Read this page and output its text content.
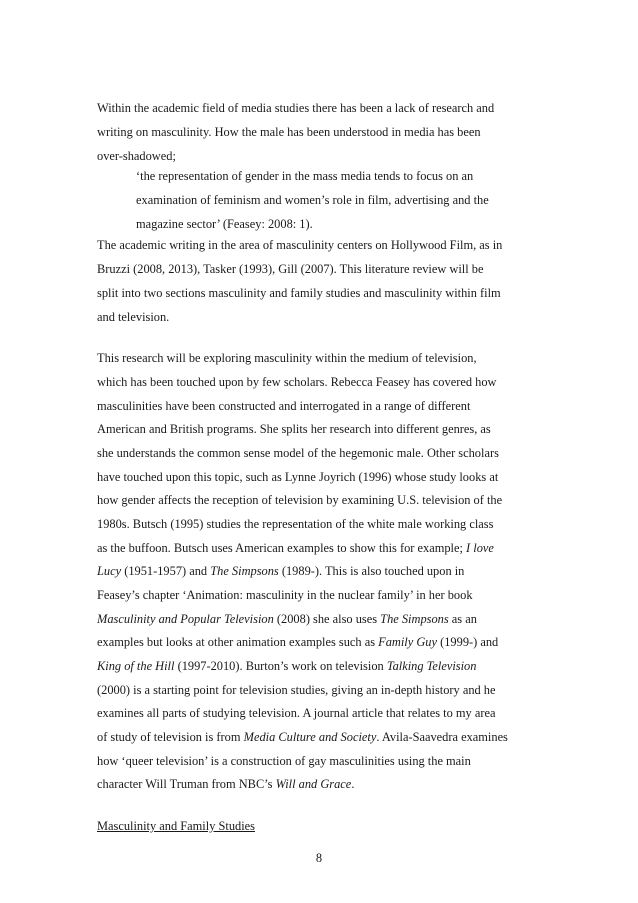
Within the academic field of media studies there has been a lack of research and
writing on masculinity. How the male has been understood in media has been
over-shadowed;
‘the representation of gender in the mass media tends to focus on an
examination of feminism and women’s role in film, advertising and the
magazine sector’ (Feasey: 2008: 1).
The academic writing in the area of masculinity centers on Hollywood Film, as in
Bruzzi (2008, 2013), Tasker (1993), Gill (2007). This literature review will be
split into two sections masculinity and family studies and masculinity within film
and television.
This research will be exploring masculinity within the medium of television,
which has been touched upon by few scholars. Rebecca Feasey has covered how
masculinities have been constructed and interrogated in a range of different
American and British programs. She splits her research into different genres, as
she understands the common sense model of the hegemonic male. Other scholars
have touched upon this topic, such as Lynne Joyrich (1996) whose study looks at
how gender affects the reception of television by examining U.S. television of the
1980s. Butsch (1995) studies the representation of the white male working class
as the buffoon. Butsch uses American examples to show this for example; I love
Lucy (1951-1957) and The Simpsons (1989-). This is also touched upon in
Feasey’s chapter ‘Animation: masculinity in the nuclear family’ in her book
Masculinity and Popular Television (2008) she also uses The Simpsons as an
examples but looks at other animation examples such as Family Guy (1999-) and
King of the Hill (1997-2010). Burton’s work on television Talking Television
(2000) is a starting point for television studies, giving an in-depth history and he
examines all parts of studying television. A journal article that relates to my area
of study of television is from Media Culture and Society. Avila-Saavedra examines
how ‘queer television’ is a construction of gay masculinities using the main
character Will Truman from NBC’s Will and Grace.
Masculinity and Family Studies
8
